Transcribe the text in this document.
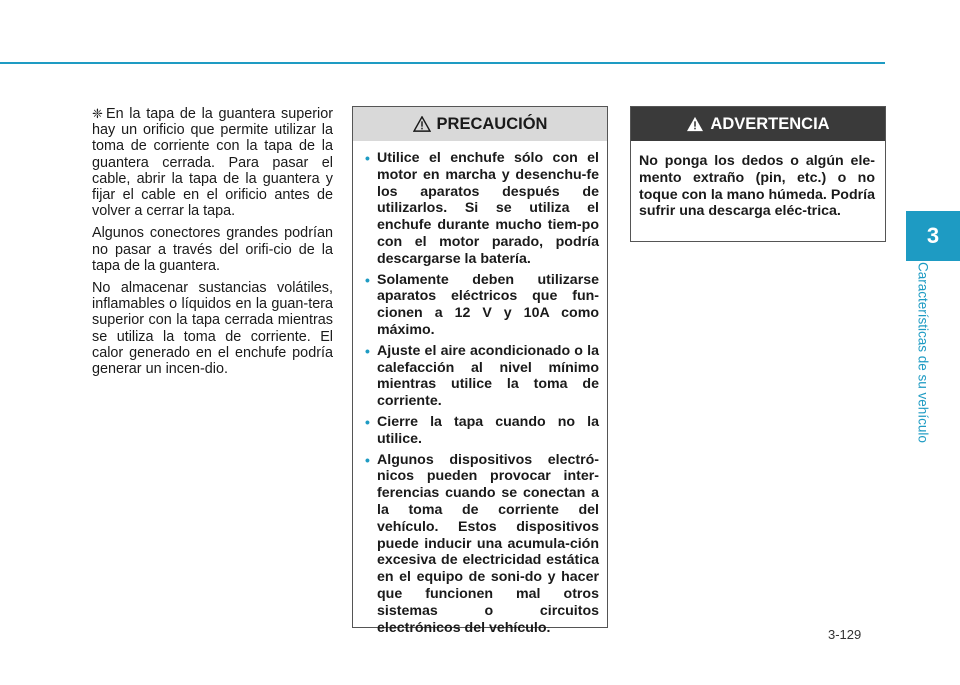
3
Características de su vehículo

❈ En la tapa de la guantera superior hay un orificio que permite utilizar la toma de corriente con la tapa de la guantera cerrada. Para pasar el cable, abrir la tapa de la guantera y fijar el cable en el orificio antes de volver a cerrar la tapa.

Algunos conectores grandes podrían no pasar a través del orifi-cio de la tapa de la guantera.

No almacenar sustancias volátiles, inflamables o líquidos en la guan-tera superior con la tapa cerrada mientras se utiliza la toma de corriente. El calor generado en el enchufe podría generar un incen-dio.

PRECAUCIÓN
• Utilice el enchufe sólo con el motor en marcha y desenchu-fe los aparatos después de utilizarlos. Si se utiliza el enchufe durante mucho tiem-po con el motor parado, podría descargarse la batería.
• Solamente deben utilizarse aparatos eléctricos que fun-cionen a 12 V y 10A como máximo.
• Ajuste el aire acondicionado o la calefacción al nivel mínimo mientras utilice la toma de corriente.
• Cierre la tapa cuando no la utilice.
• Algunos dispositivos electró-nicos pueden provocar inter-ferencias cuando se conectan a la toma de corriente del vehículo. Estos dispositivos puede inducir una acumula-ción excesiva de electricidad estática en el equipo de soni-do y hacer que funcionen mal otros sistemas o circuitos electrónicos del vehículo.
ADVERTENCIA
No ponga los dedos o algún ele-mento extraño (pin, etc.) o no toque con la mano húmeda. Podría sufrir una descarga eléc-trica.
3-129
